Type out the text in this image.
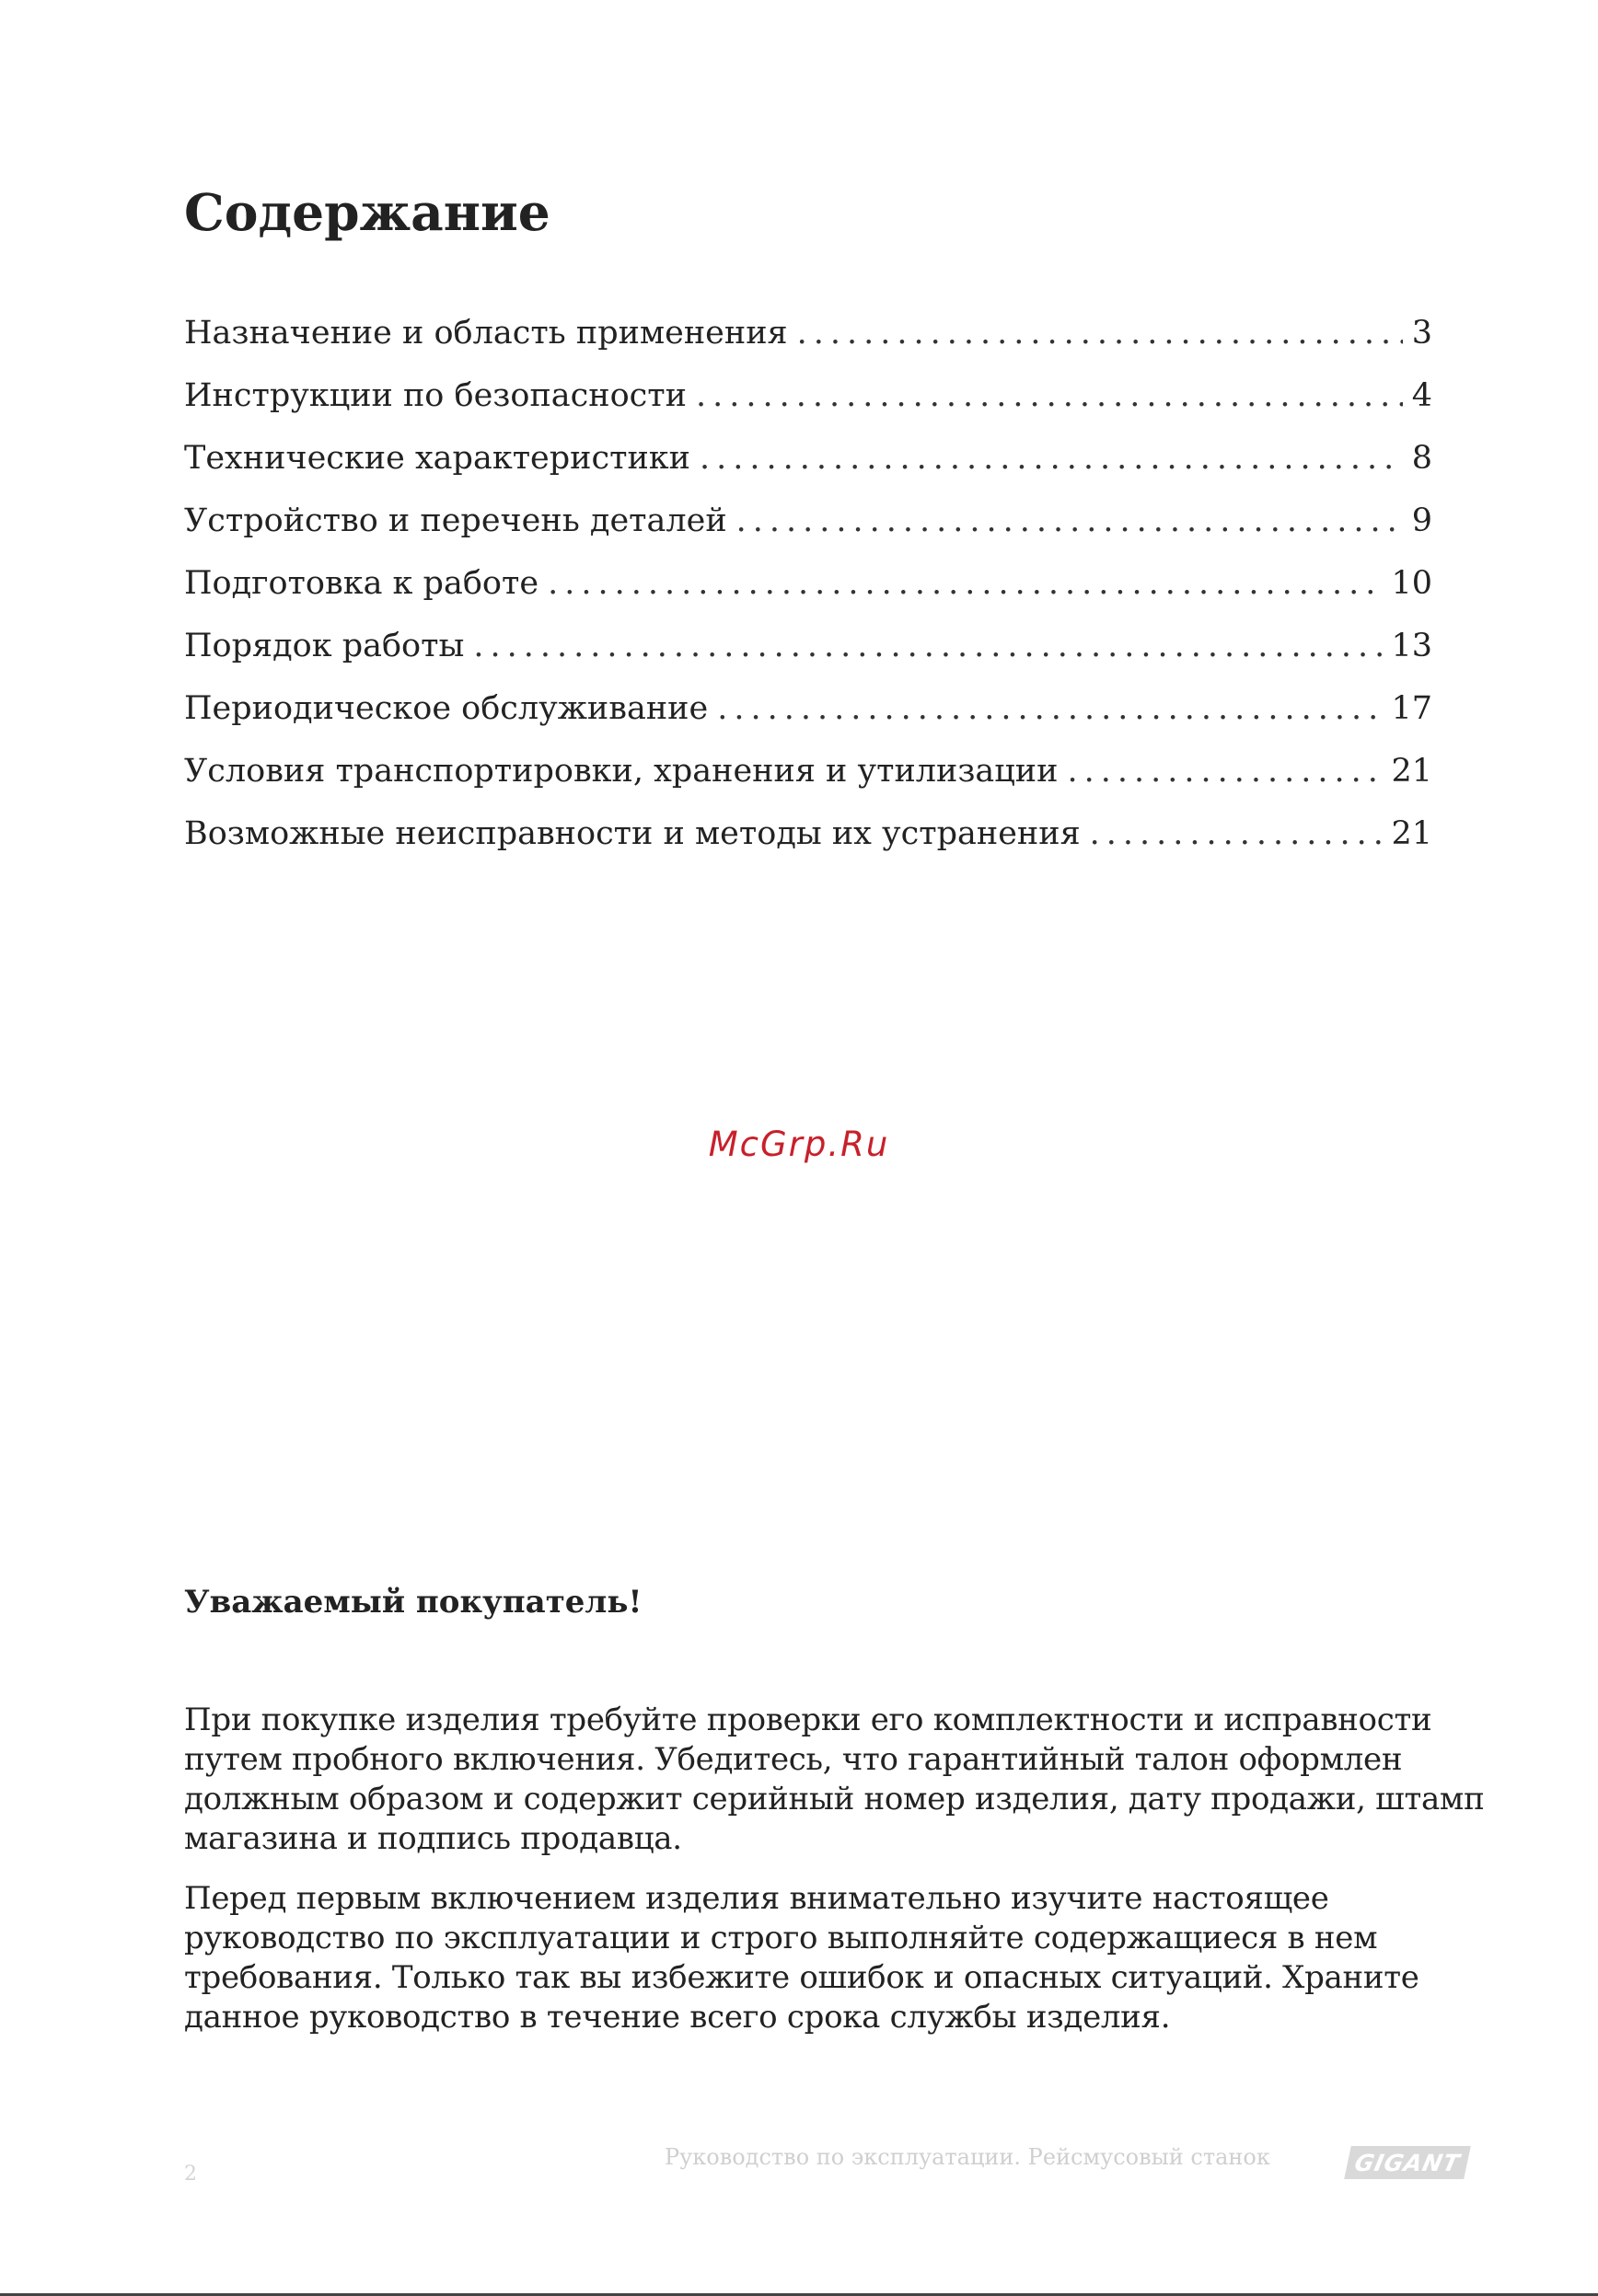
Содержание
Назначение и область применения .....	3
Инструкции по безопасности .....	4
Технические характеристики .....	8
Устройство и перечень деталей .....	9
Подготовка к работе .....	10
Порядок работы .....	13
Периодическое обслуживание .....	17
Условия транспортировки, хранения и утилизации .....	21
Возможные неисправности и методы их устранения .....	21
McGrp.Ru
Уважаемый покупатель!

При покупке изделия требуйте проверки его комплектности и исправности путем пробного включения. Убедитесь, что гарантийный талон оформлен должным образом и содержит серийный номер изделия, дату продажи, штамп магазина и подпись продавца.

Перед первым включением изделия внимательно изучите настоящее руководство по эксплуатации и строго выполняйте содержащиеся в нем требования. Только так вы избежите ошибок и опасных ситуаций. Храните данное руководство в течение всего срока службы изделия.

2
Руководство по эксплуатации. Рейсмусовый станок	GIGANT
